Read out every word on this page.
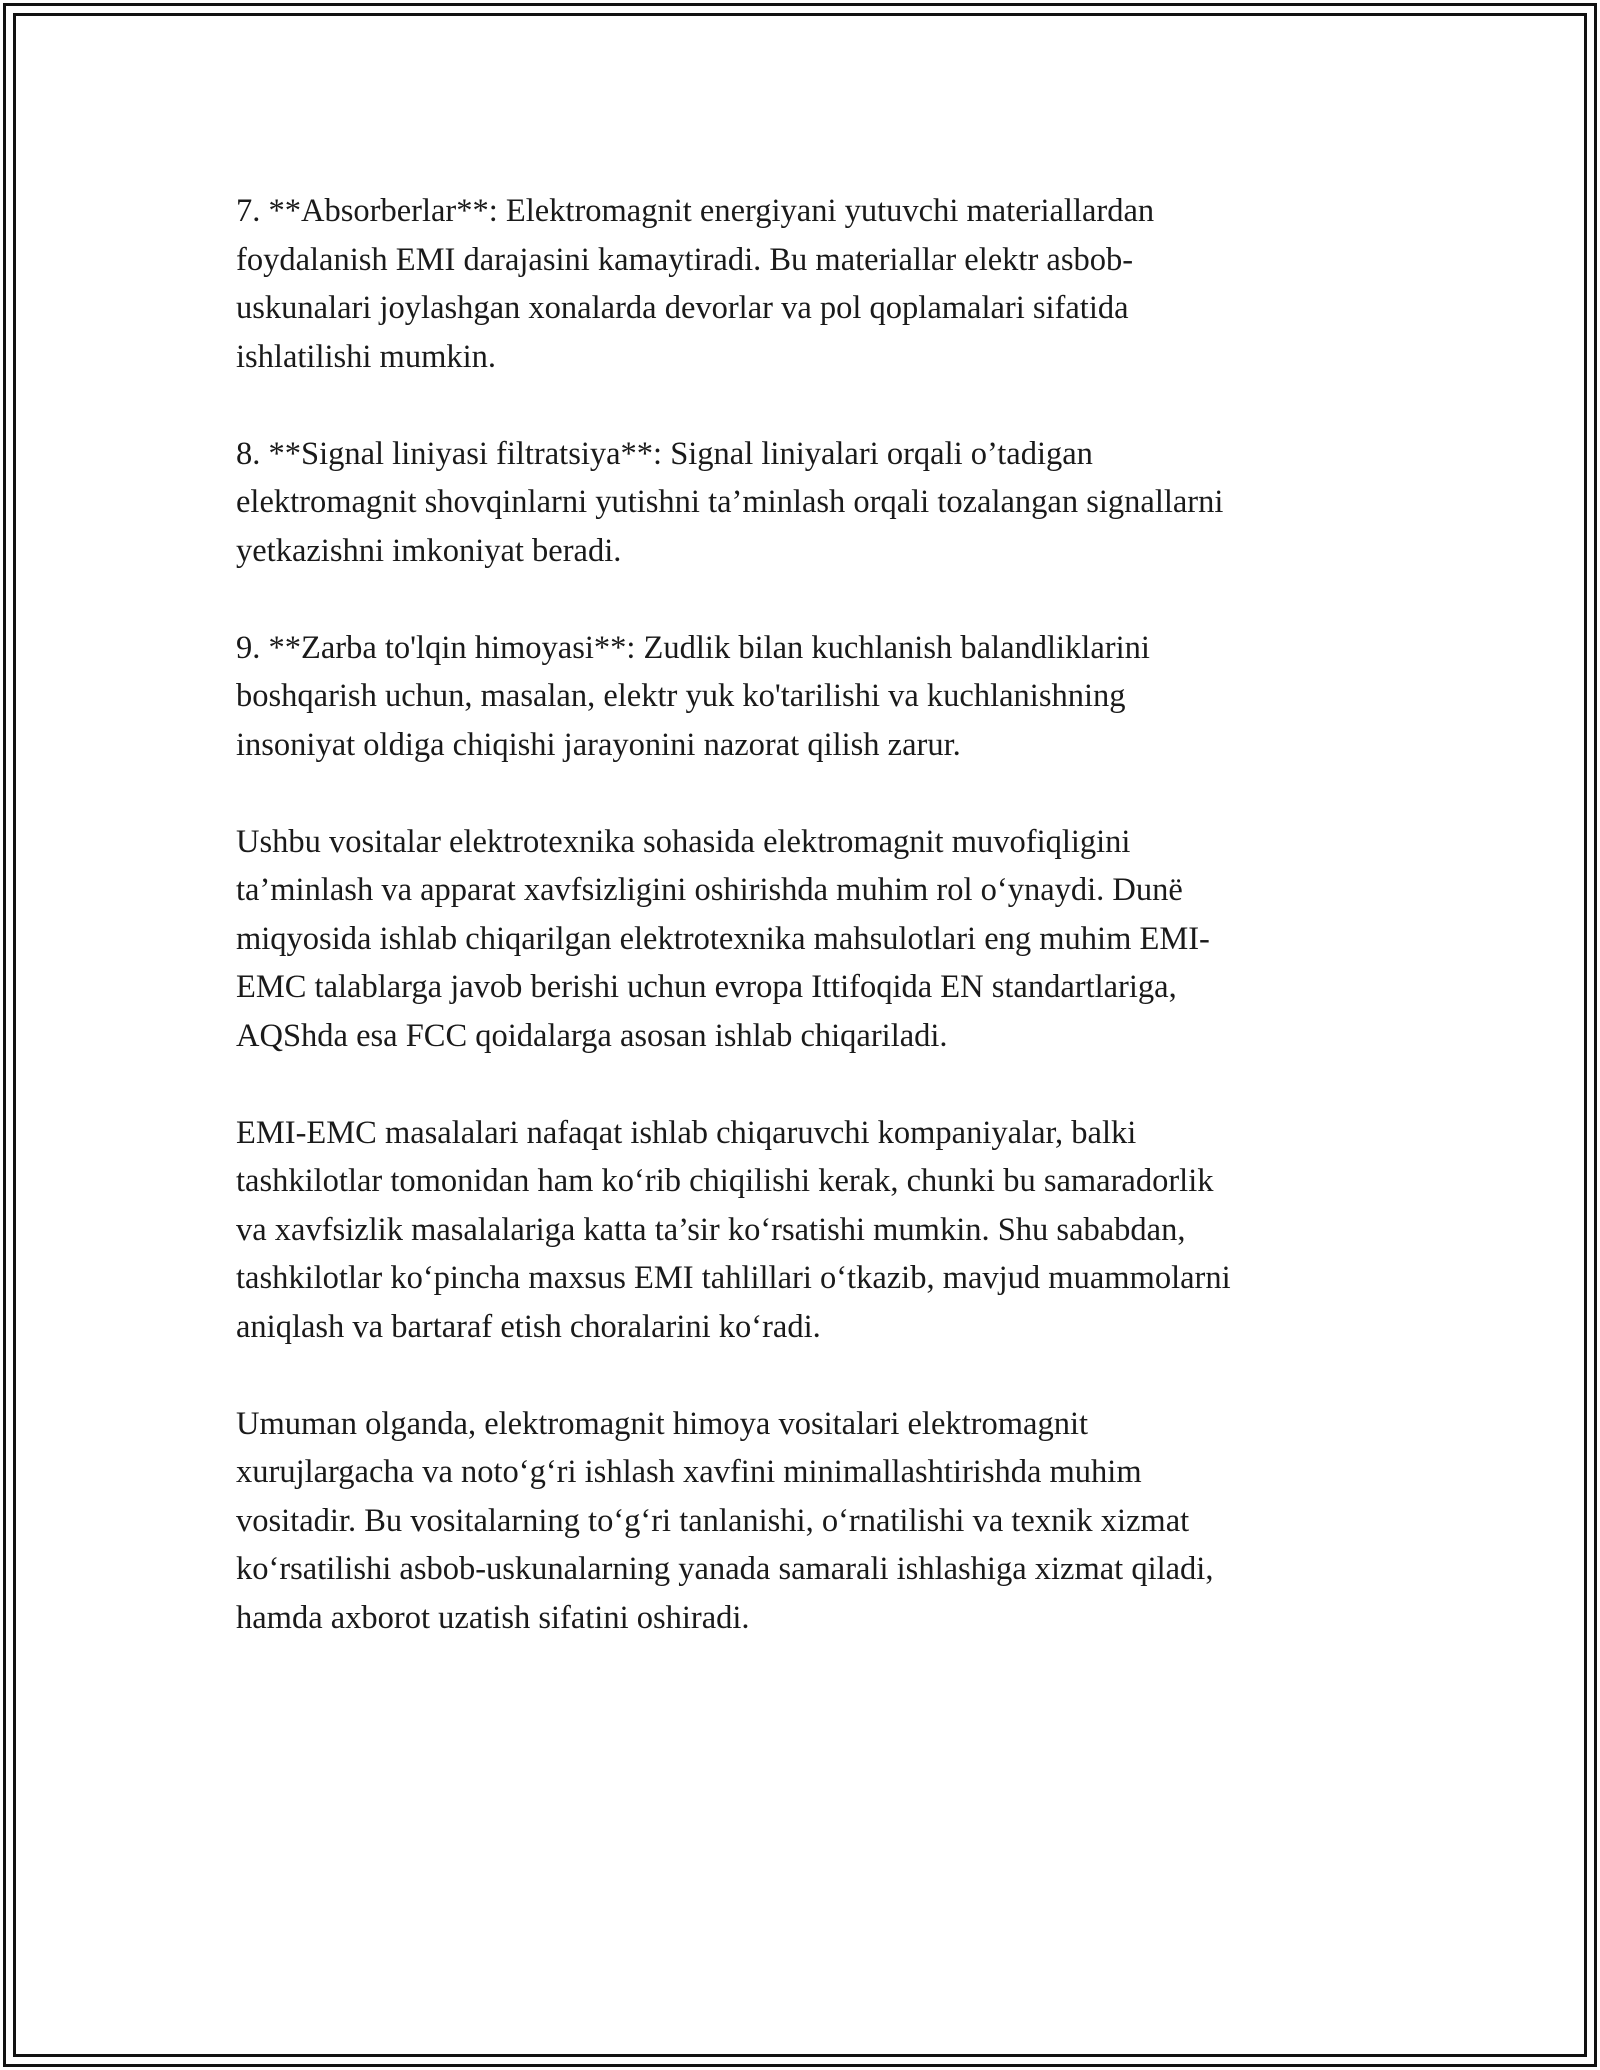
7. **Absorberlar**: Elektromagnit energiyani yutuvchi materiallardan
foydalanish EMI darajasini kamaytiradi. Bu materiallar elektr asbob-
uskunalari joylashgan xonalarda devorlar va pol qoplamalari sifatida
ishlatilishi mumkin.

8. **Signal liniyasi filtratsiya**: Signal liniyalari orqali o’tadigan
elektromagnit shovqinlarni yutishni ta’minlash orqali tozalangan signallarni
yetkazishni imkoniyat beradi.

9. **Zarba to'lqin himoyasi**: Zudlik bilan kuchlanish balandliklarini
boshqarish uchun, masalan, elektr yuk ko'tarilishi va kuchlanishning
insoniyat oldiga chiqishi jarayonini nazorat qilish zarur.

Ushbu vositalar elektrotexnika sohasida elektromagnit muvofiqligini
ta’minlash va apparat xavfsizligini oshirishda muhim rol o‘ynaydi. Dunë
miqyosida ishlab chiqarilgan elektrotexnika mahsulotlari eng muhim EMI-
EMC talablarga javob berishi uchun evropa Ittifoqida EN standartlariga,
AQShda esa FCC qoidalarga asosan ishlab chiqariladi.

EMI-EMC masalalari nafaqat ishlab chiqaruvchi kompaniyalar, balki
tashkilotlar tomonidan ham ko‘rib chiqilishi kerak, chunki bu samaradorlik
va xavfsizlik masalalariga katta ta’sir ko‘rsatishi mumkin. Shu sababdan,
tashkilotlar ko‘pincha maxsus EMI tahlillari o‘tkazib, mavjud muammolarni
aniqlash va bartaraf etish choralarini ko‘radi.

Umuman olganda, elektromagnit himoya vositalari elektromagnit
xurujlargacha va noto‘g‘ri ishlash xavfini minimallashtirishda muhim
vositadir. Bu vositalarning to‘g‘ri tanlanishi, o‘rnatilishi va texnik xizmat
ko‘rsatilishi asbob-uskunalarning yanada samarali ishlashiga xizmat qiladi,
hamda axborot uzatish sifatini oshiradi.
